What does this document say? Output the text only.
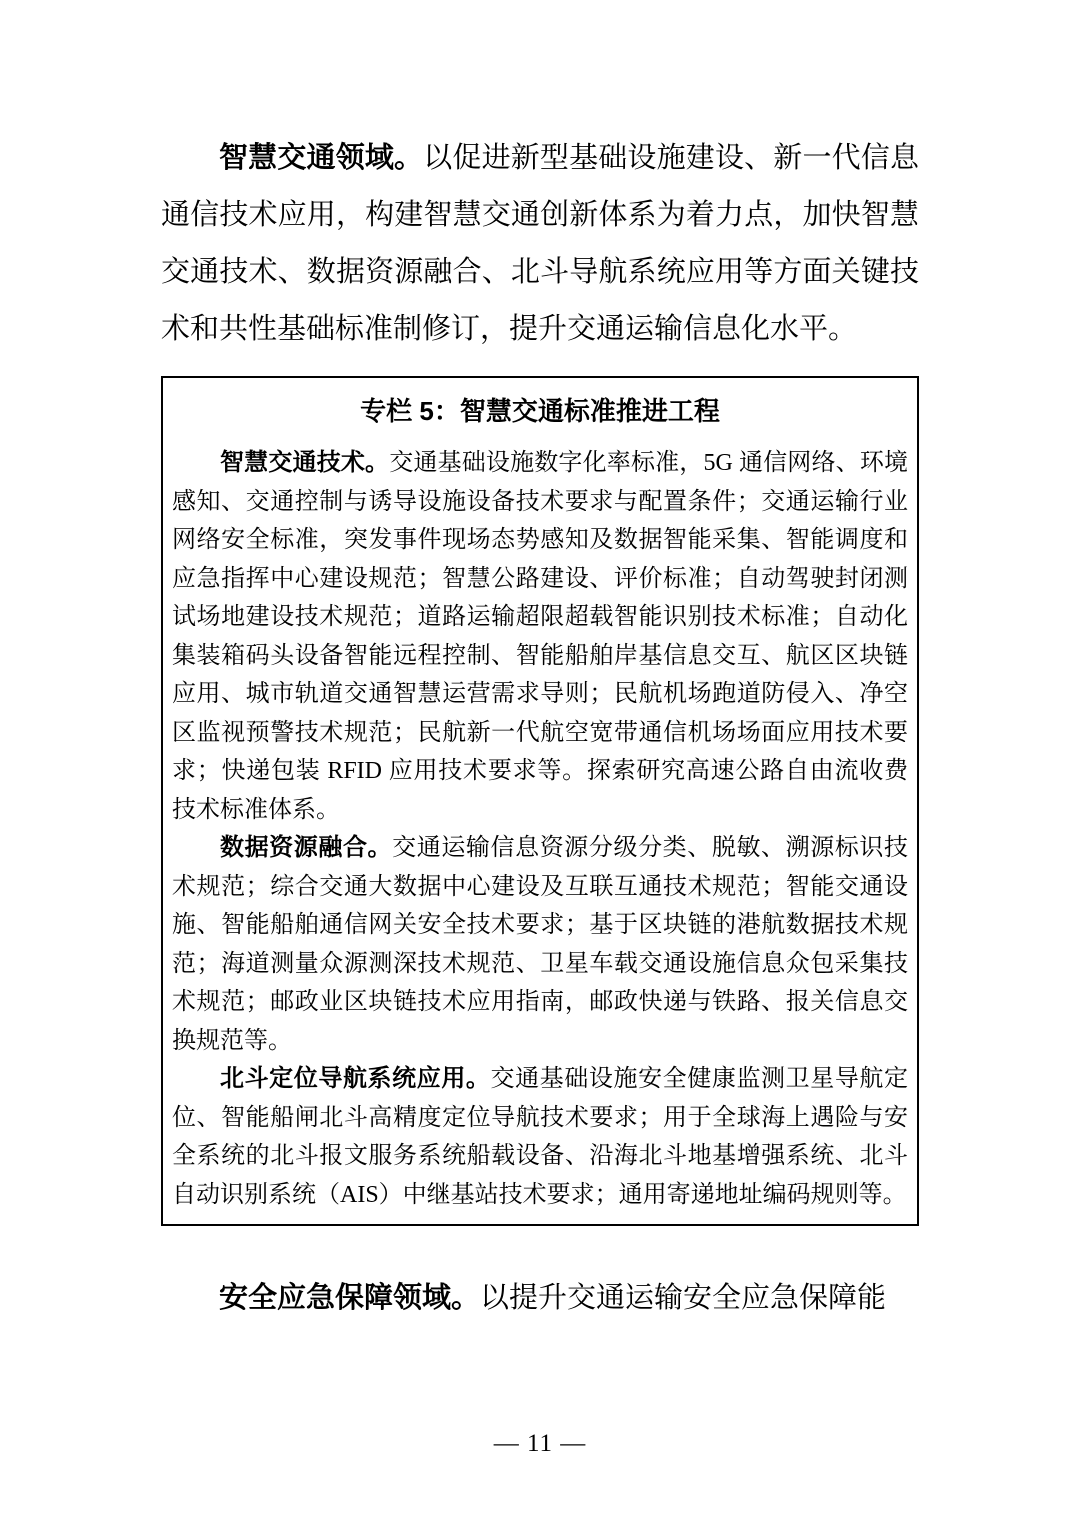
智慧交通领域。以促进新型基础设施建设、新一代信息通信技术应用，构建智慧交通创新体系为着力点，加快智慧交通技术、数据资源融合、北斗导航系统应用等方面关键技术和共性基础标准制修订，提升交通运输信息化水平。

专栏 5：智慧交通标准推进工程

智慧交通技术。交通基础设施数字化率标准，5G 通信网络、环境感知、交通控制与诱导设施设备技术要求与配置条件；交通运输行业网络安全标准，突发事件现场态势感知及数据智能采集、智能调度和应急指挥中心建设规范；智慧公路建设、评价标准；自动驾驶封闭测试场地建设技术规范；道路运输超限超载智能识别技术标准；自动化集装箱码头设备智能远程控制、智能船舶岸基信息交互、航区区块链应用、城市轨道交通智慧运营需求导则；民航机场跑道防侵入、净空区监视预警技术规范；民航新一代航空宽带通信机场场面应用技术要求；快递包装 RFID 应用技术要求等。探索研究高速公路自由流收费技术标准体系。

数据资源融合。交通运输信息资源分级分类、脱敏、溯源标识技术规范；综合交通大数据中心建设及互联互通技术规范；智能交通设施、智能船舶通信网关安全技术要求；基于区块链的港航数据技术规范；海道测量众源测深技术规范、卫星车载交通设施信息众包采集技术规范；邮政业区块链技术应用指南，邮政快递与铁路、报关信息交换规范等。

北斗定位导航系统应用。交通基础设施安全健康监测卫星导航定位、智能船闸北斗高精度定位导航技术要求；用于全球海上遇险与安全系统的北斗报文服务系统船载设备、沿海北斗地基增强系统、北斗自动识别系统（AIS）中继基站技术要求；通用寄递地址编码规则等。

安全应急保障领域。以提升交通运输安全应急保障能

— 11 —
